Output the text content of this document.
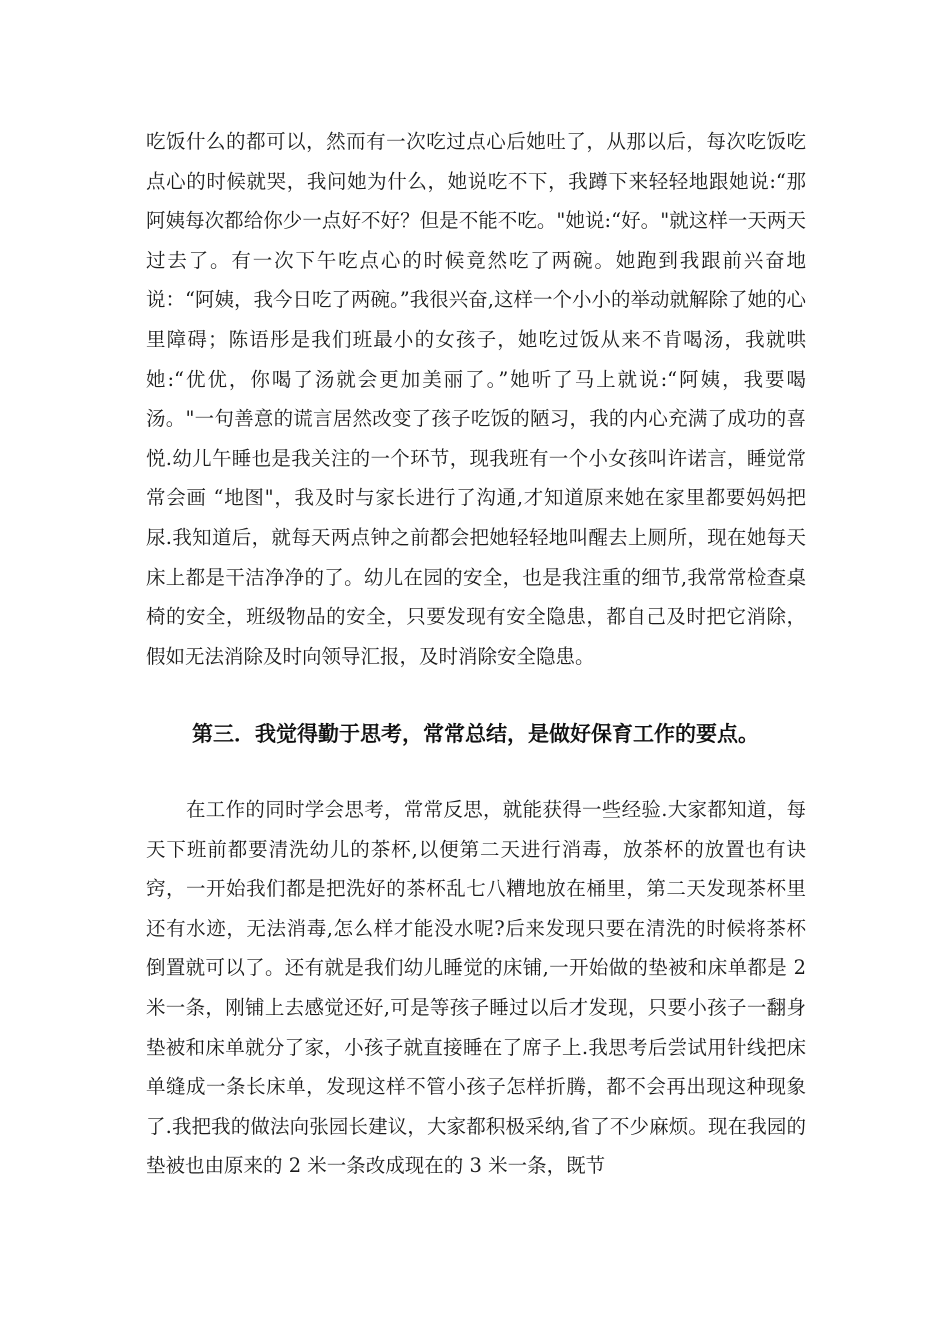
吃饭什么的都可以，然而有一次吃过点心后她吐了，从那以后，每次吃饭吃点心的时候就哭，我问她为什么，她说吃不下，我蹲下来轻轻地跟她说:“那阿姨每次都给你少一点好不好？但是不能不吃。"她说:“好。"就这样一天两天过去了。有一次下午吃点心的时候竟然吃了两碗。她跑到我跟前兴奋地说：“阿姨，我今日吃了两碗。”我很兴奋,这样一个小小的举动就解除了她的心里障碍；陈语彤是我们班最小的女孩子，她吃过饭从来不肯喝汤，我就哄她:“优优，你喝了汤就会更加美丽了。”她听了马上就说:“阿姨，我要喝汤。"一句善意的谎言居然改变了孩子吃饭的陋习，我的内心充满了成功的喜悦.幼儿午睡也是我关注的一个环节，现我班有一个小女孩叫许诺言，睡觉常常会画 “地图"，我及时与家长进行了沟通,才知道原来她在家里都要妈妈把尿.我知道后，就每天两点钟之前都会把她轻轻地叫醒去上厕所，现在她每天床上都是干洁净净的了。幼儿在园的安全，也是我注重的细节,我常常检查桌椅的安全，班级物品的安全，只要发现有安全隐患，都自己及时把它消除，假如无法消除及时向领导汇报，及时消除安全隐患。

第三．我觉得勤于思考，常常总结，是做好保育工作的要点。

在工作的同时学会思考，常常反思，就能获得一些经验.大家都知道，每天下班前都要清洗幼儿的茶杯,以便第二天进行消毒，放茶杯的放置也有诀窍，一开始我们都是把洗好的茶杯乱七八糟地放在桶里，第二天发现茶杯里还有水迹，无法消毒,怎么样才能没水呢?后来发现只要在清洗的时候将茶杯倒置就可以了。还有就是我们幼儿睡觉的床铺,一开始做的垫被和床单都是 2 米一条，刚铺上去感觉还好,可是等孩子睡过以后才发现，只要小孩子一翻身垫被和床单就分了家，小孩子就直接睡在了席子上.我思考后尝试用针线把床单缝成一条长床单，发现这样不管小孩子怎样折腾，都不会再出现这种现象了.我把我的做法向张园长建议，大家都积极采纳,省了不少麻烦。现在我园的垫被也由原来的 2 米一条改成现在的 3 米一条，既节
